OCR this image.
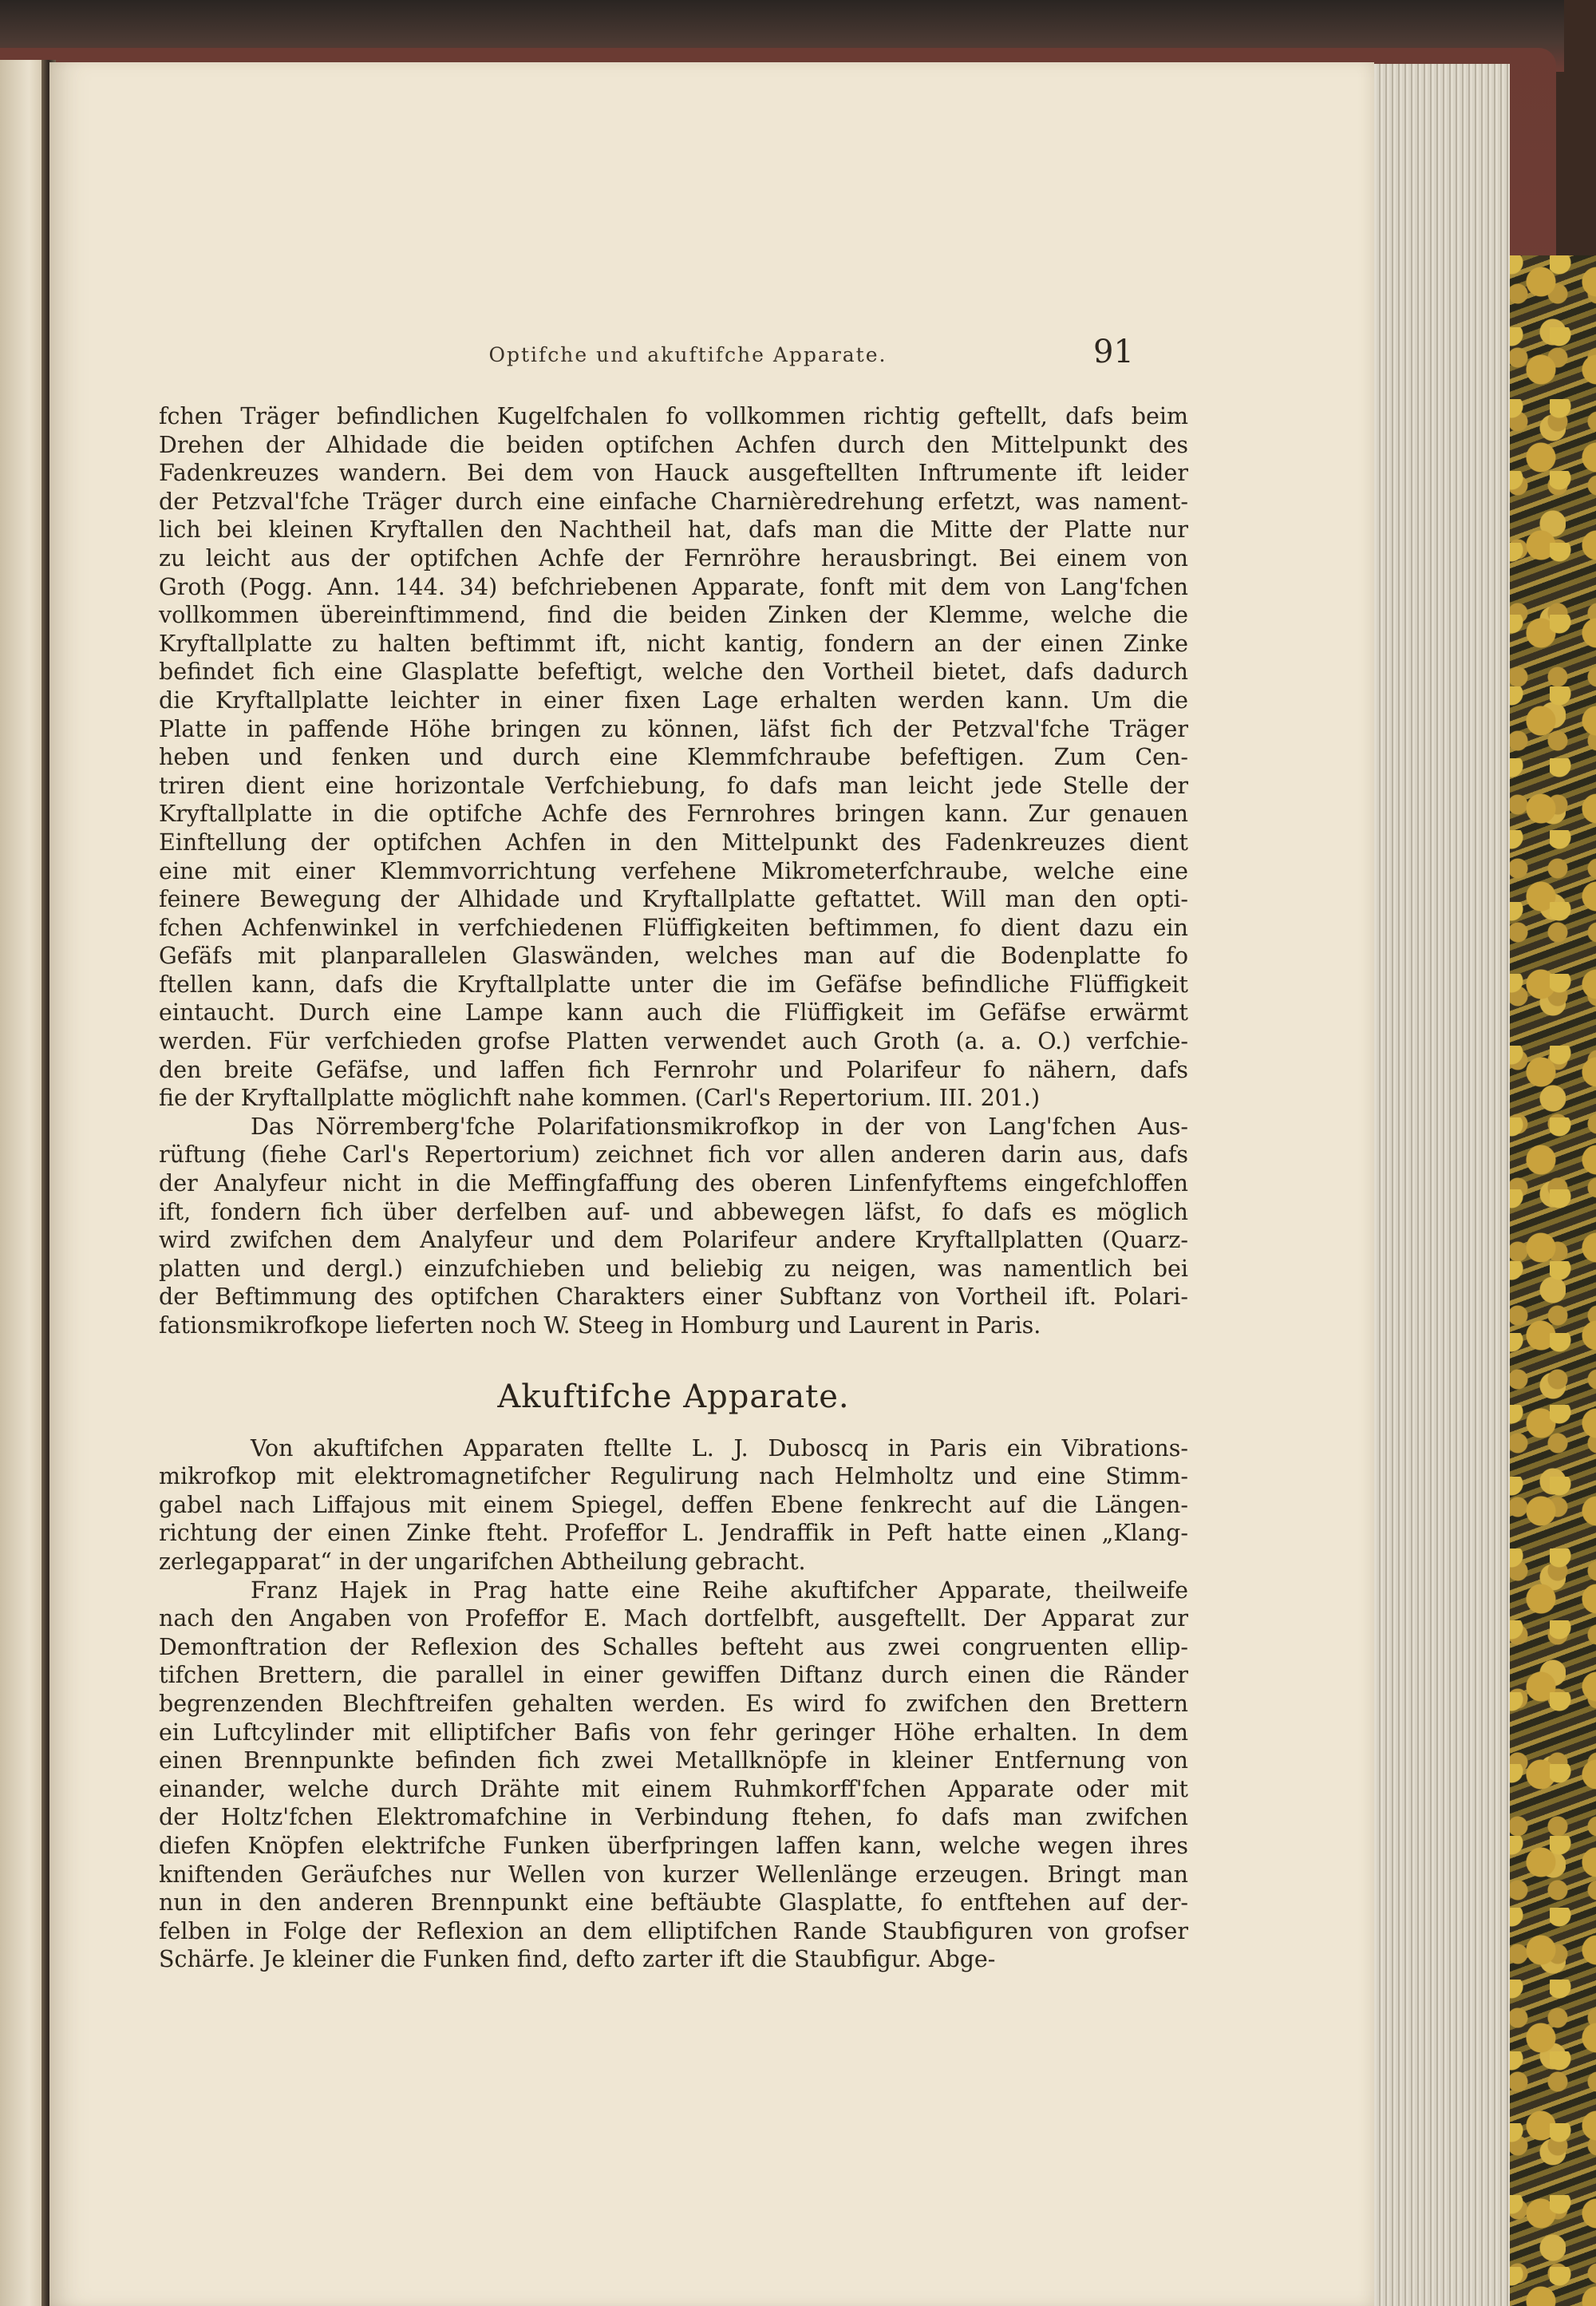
Optifche und akuftifche Apparate.	91
fchen Träger befindlichen Kugelfchalen fo vollkommen richtig geftellt, dafs beim
Drehen der Alhidade die beiden optifchen Achfen durch den Mittelpunkt des
Fadenkreuzes wandern. Bei dem von Hauck ausgeftellten Inftrumente ift leider
der Petzval'fche Träger durch eine einfache Charnièredrehung erfetzt, was nament-
lich bei kleinen Kryftallen den Nachtheil hat, dafs man die Mitte der Platte nur
zu leicht aus der optifchen Achfe der Fernröhre herausbringt. Bei einem von
Groth (Pogg. Ann. 144. 34) befchriebenen Apparate, fonft mit dem von Lang'fchen
vollkommen übereinftimmend, find die beiden Zinken der Klemme, welche die
Kryftallplatte zu halten beftimmt ift, nicht kantig, fondern an der einen Zinke
befindet fich eine Glasplatte befeftigt, welche den Vortheil bietet, dafs dadurch
die Kryftallplatte leichter in einer fixen Lage erhalten werden kann. Um die
Platte in paffende Höhe bringen zu können, läfst fich der Petzval'fche Träger
heben und fenken und durch eine Klemmfchraube befeftigen. Zum Cen-
triren dient eine horizontale Verfchiebung, fo dafs man leicht jede Stelle der
Kryftallplatte in die optifche Achfe des Fernrohres bringen kann. Zur genauen
Einftellung der optifchen Achfen in den Mittelpunkt des Fadenkreuzes dient
eine mit einer Klemmvorrichtung verfehene Mikrometerfchraube, welche eine
feinere Bewegung der Alhidade und Kryftallplatte geftattet. Will man den opti-
fchen Achfenwinkel in verfchiedenen Flüffigkeiten beftimmen, fo dient dazu ein
Gefäfs mit planparallelen Glaswänden, welches man auf die Bodenplatte fo
ftellen kann, dafs die Kryftallplatte unter die im Gefäfse befindliche Flüffigkeit
eintaucht. Durch eine Lampe kann auch die Flüffigkeit im Gefäfse erwärmt
werden. Für verfchieden grofse Platten verwendet auch Groth (a. a. O.) verfchie-
den breite Gefäfse, und laffen fich Fernrohr und Polarifeur fo nähern, dafs
fie der Kryftallplatte möglichft nahe kommen. (Carl's Repertorium. III. 201.)
Das Nörremberg'fche Polarifationsmikrofkop in der von Lang'fchen Aus-
rüftung (fiehe Carl's Repertorium) zeichnet fich vor allen anderen darin aus, dafs
der Analyfeur nicht in die Meffingfaffung des oberen Linfenfyftems eingefchloffen
ift, fondern fich über derfelben auf- und abbewegen läfst, fo dafs es möglich
wird zwifchen dem Analyfeur und dem Polarifeur andere Kryftallplatten (Quarz-
platten und dergl.) einzufchieben und beliebig zu neigen, was namentlich bei
der Beftimmung des optifchen Charakters einer Subftanz von Vortheil ift. Polari-
fationsmikrofkope lieferten noch W. Steeg in Homburg und Laurent in Paris.
Akuftifche Apparate.
Von akuftifchen Apparaten ftellte L. J. Duboscq in Paris ein Vibrations-
mikrofkop mit elektromagnetifcher Regulirung nach Helmholtz und eine Stimm-
gabel nach Liffajous mit einem Spiegel, deffen Ebene fenkrecht auf die Längen-
richtung der einen Zinke fteht. Profeffor L. Jendraffik in Peft hatte einen „Klang-
zerlegapparat“ in der ungarifchen Abtheilung gebracht.
Franz Hajek in Prag hatte eine Reihe akuftifcher Apparate, theilweife
nach den Angaben von Profeffor E. Mach dortfelbft, ausgeftellt. Der Apparat zur
Demonftration der Reflexion des Schalles befteht aus zwei congruenten ellip-
tifchen Brettern, die parallel in einer gewiffen Diftanz durch einen die Ränder
begrenzenden Blechftreifen gehalten werden. Es wird fo zwifchen den Brettern
ein Luftcylinder mit elliptifcher Bafis von fehr geringer Höhe erhalten. In dem
einen Brennpunkte befinden fich zwei Metallknöpfe in kleiner Entfernung von
einander, welche durch Drähte mit einem Ruhmkorff'fchen Apparate oder mit
der Holtz'fchen Elektromafchine in Verbindung ftehen, fo dafs man zwifchen
diefen Knöpfen elektrifche Funken überfpringen laffen kann, welche wegen ihres
kniftenden Geräufches nur Wellen von kurzer Wellenlänge erzeugen. Bringt man
nun in den anderen Brennpunkt eine beftäubte Glasplatte, fo entftehen auf der-
felben in Folge der Reflexion an dem elliptifchen Rande Staubfiguren von grofser
Schärfe. Je kleiner die Funken find, defto zarter ift die Staubfigur. Abge-
